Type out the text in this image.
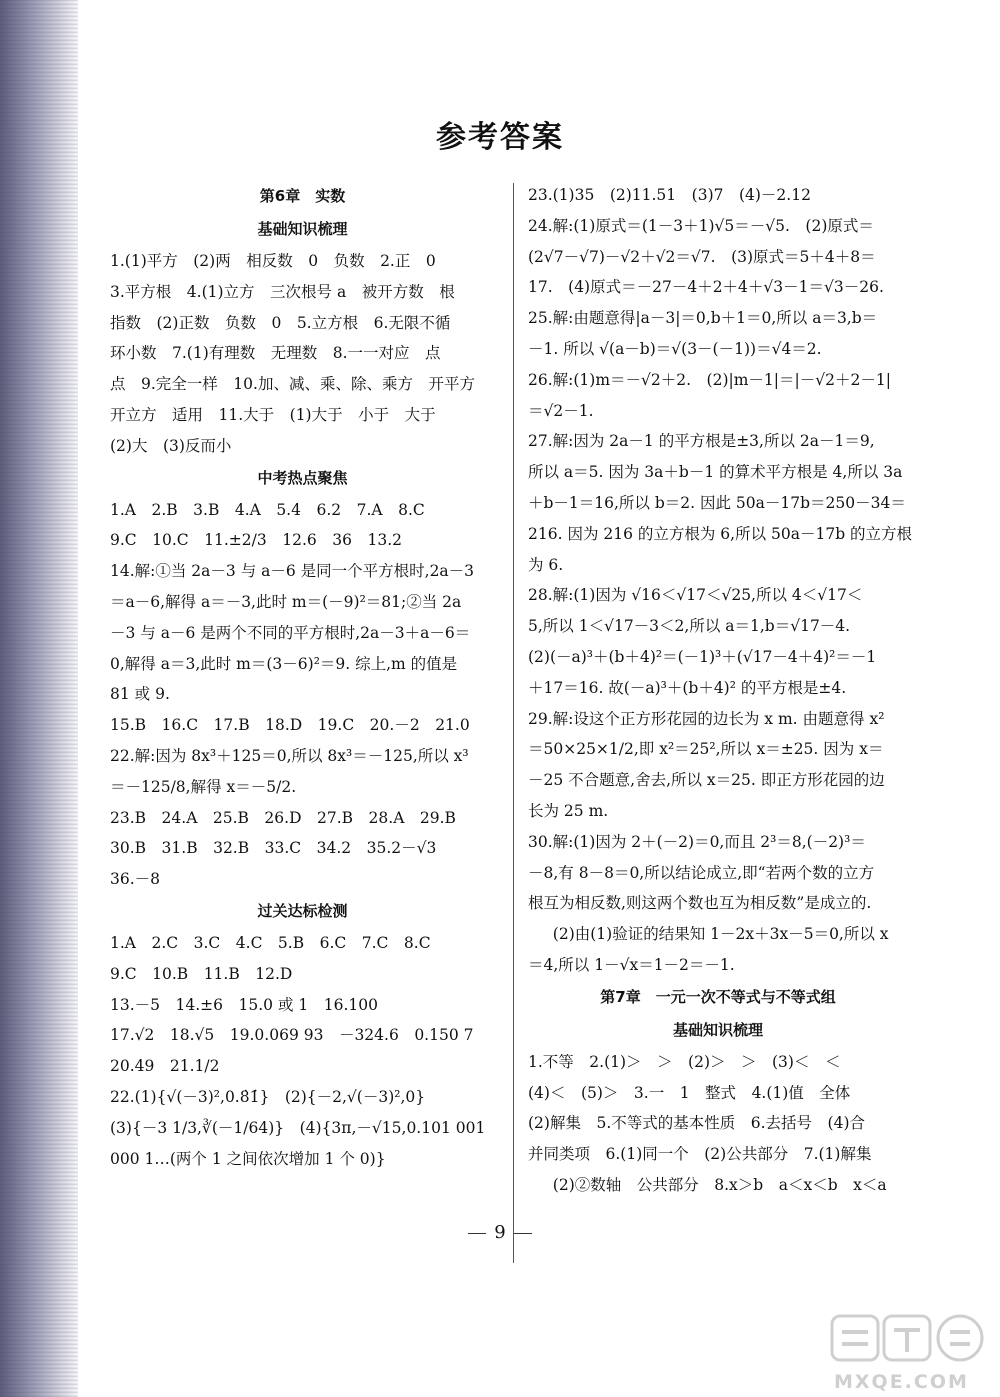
参考答案
第6章　实数
基础知识梳理
1.(1)平方　(2)两　相反数　0　负数　2.正　0
3.平方根　4.(1)立方　三次根号 a　被开方数　根
指数　(2)正数　负数　0　5.立方根　6.无限不循
环小数　7.(1)有理数　无理数　8.一一对应　点
点　9.完全一样　10.加、减、乘、除、乘方　开平方
开立方　适用　11.大于　(1)大于　小于　大于
(2)大　(3)反而小
中考热点聚焦
1.A　2.B　3.B　4.A　5.4　6.2　7.A　8.C
9.C　10.C　11.±2/3　12.6　36　13.2
14.解:①当 2a－3 与 a－6 是同一个平方根时,2a－3
＝a－6,解得 a＝－3,此时 m＝(－9)²＝81;②当 2a
－3 与 a－6 是两个不同的平方根时,2a－3＋a－6＝
0,解得 a＝3,此时 m＝(3－6)²＝9. 综上,m 的值是
81 或 9.
15.B　16.C　17.B　18.D　19.C　20.－2　21.0
22.解:因为 8x³＋125＝0,所以 8x³＝－125,所以 x³
＝－125/8,解得 x＝－5/2.
23.B　24.A　25.B　26.D　27.B　28.A　29.B
30.B　31.B　32.B　33.C　34.2　35.2－√3
36.－8
过关达标检测
1.A　2.C　3.C　4.C　5.B　6.C　7.C　8.C
9.C　10.B　11.B　12.D
13.－5　14.±6　15.0 或 1　16.100
17.√2　18.√5　19.0.069 93　－324.6　0.150 7
20.49　21.1/2
22.(1){√(－3)²,0.8̇1̇}　(2){－2,√(－3)²,0}
(3){－3 1/3,∛(－1/64)}　(4){3π,－√15,0.101 001
000 1…(两个 1 之间依次增加 1 个 0)}
23.(1)35　(2)11.51　(3)7　(4)－2.12
24.解:(1)原式＝(1－3＋1)√5＝－√5.　(2)原式＝
(2√7－√7)－√2＋√2＝√7.　(3)原式＝5＋4＋8＝
17.　(4)原式＝－27－4＋2＋4＋√3－1＝√3－26.
25.解:由题意得|a－3|＝0,b＋1＝0,所以 a＝3,b＝
－1. 所以 √(a－b)＝√(3－(－1))＝√4＝2.
26.解:(1)m＝－√2＋2.　(2)|m－1|＝|－√2＋2－1|
＝√2－1.
27.解:因为 2a－1 的平方根是±3,所以 2a－1＝9,
所以 a＝5. 因为 3a＋b－1 的算术平方根是 4,所以 3a
＋b－1＝16,所以 b＝2. 因此 50a－17b＝250－34＝
216. 因为 216 的立方根为 6,所以 50a－17b 的立方根
为 6.
28.解:(1)因为 √16＜√17＜√25,所以 4＜√17＜
5,所以 1＜√17－3＜2,所以 a＝1,b＝√17－4.
(2)(－a)³＋(b＋4)²＝(－1)³＋(√17－4＋4)²＝－1
＋17＝16. 故(－a)³＋(b＋4)² 的平方根是±4.
29.解:设这个正方形花园的边长为 x m. 由题意得 x²
＝50×25×1/2,即 x²＝25²,所以 x＝±25. 因为 x＝
－25 不合题意,舍去,所以 x＝25. 即正方形花园的边
长为 25 m.
30.解:(1)因为 2＋(－2)＝0,而且 2³＝8,(－2)³＝
－8,有 8－8＝0,所以结论成立,即“若两个数的立方
根互为相反数,则这两个数也互为相反数”是成立的.
(2)由(1)验证的结果知 1－2x＋3x－5＝0,所以 x
＝4,所以 1－√x＝1－2＝－1.
第7章　一元一次不等式与不等式组
基础知识梳理
1.不等　2.(1)＞　＞　(2)＞　＞　(3)＜　＜
(4)＜　(5)＞　3.一　1　整式　4.(1)值　全体
(2)解集　5.不等式的基本性质　6.去括号　(4)合
并同类项　6.(1)同一个　(2)公共部分　7.(1)解集
(2)②数轴　公共部分　8.x＞b　a＜x＜b　x＜a
9
MXQE.COM
